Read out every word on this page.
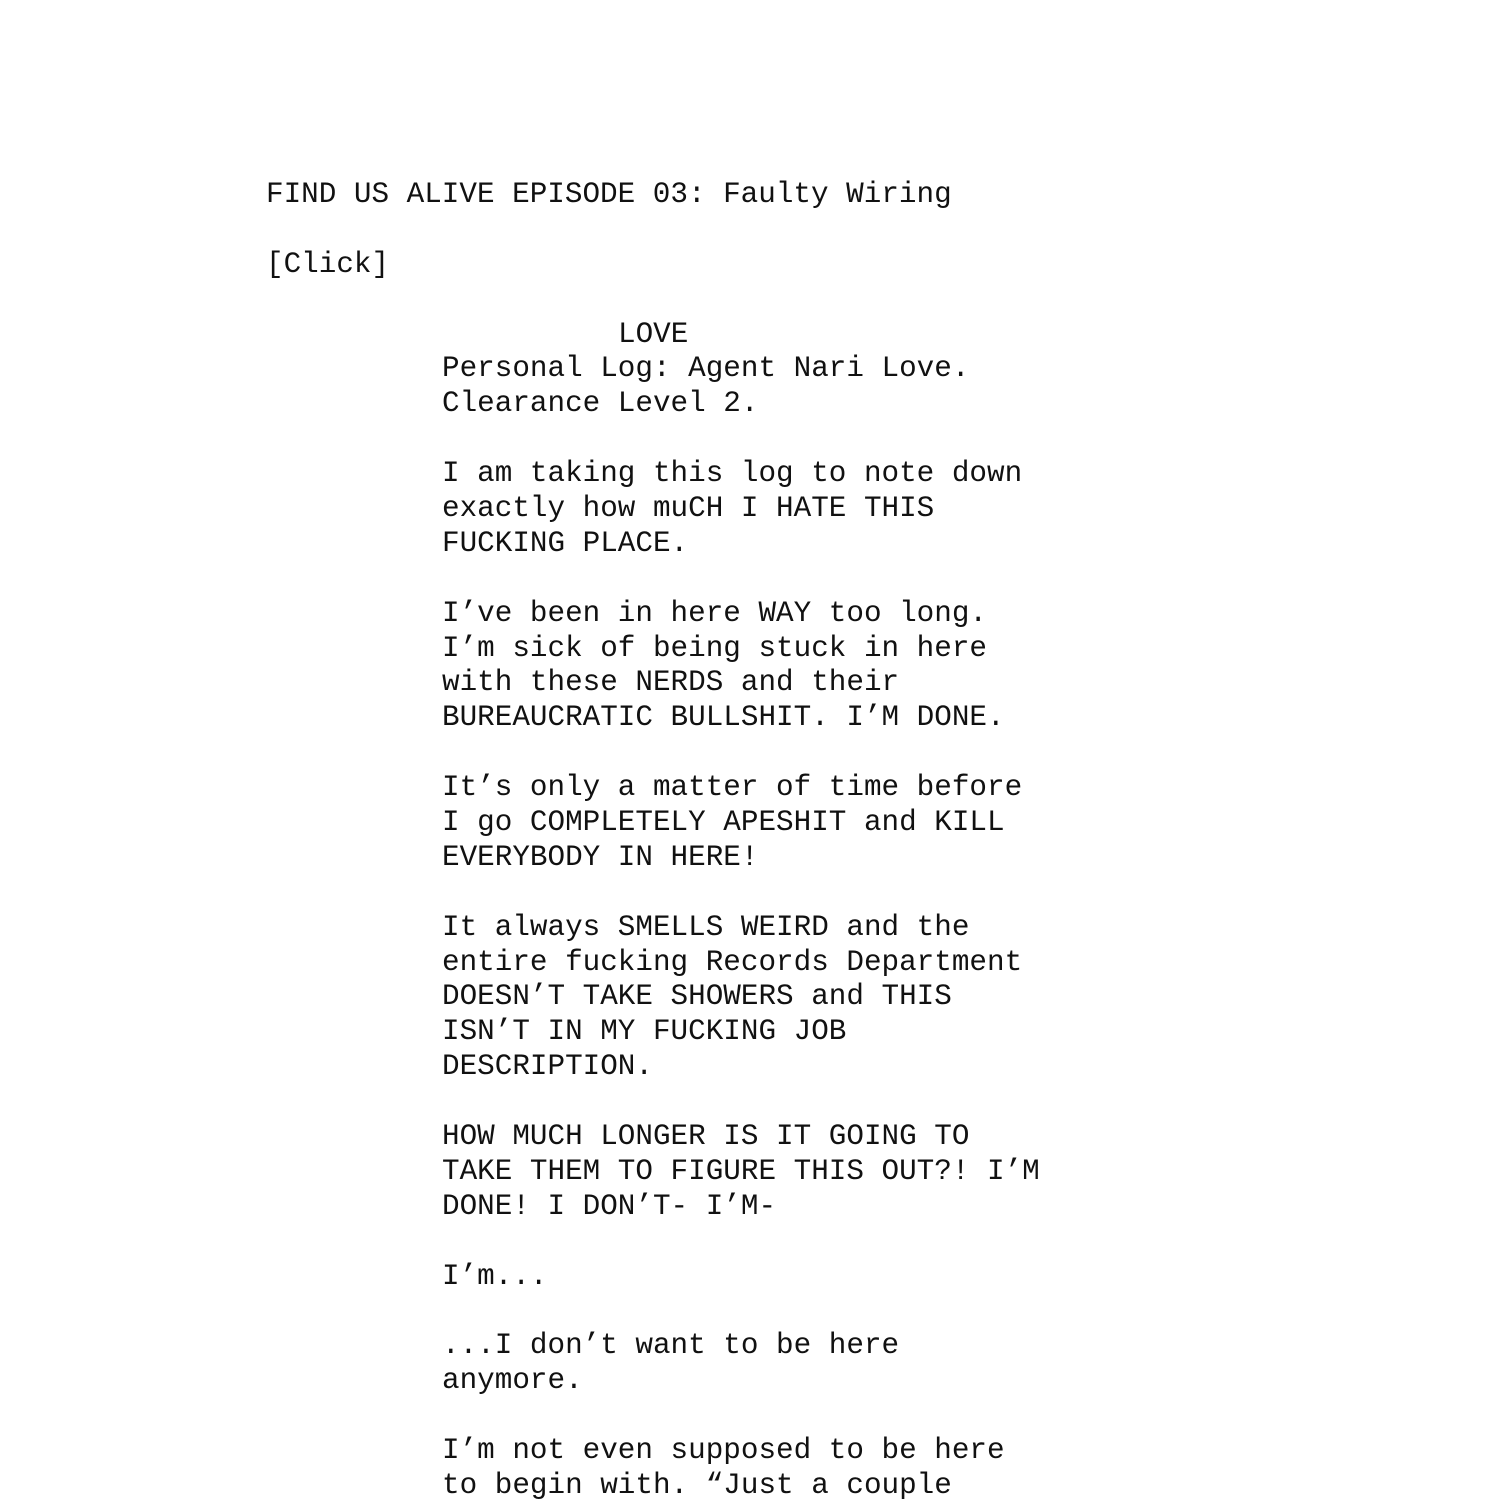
FIND US ALIVE EPISODE 03: Faulty Wiring
[Click]
LOVE
Personal Log: Agent Nari Love.
Clearance Level 2.
I am taking this log to note down
exactly how muCH I HATE THIS
FUCKING PLACE.
I’ve been in here WAY too long.
I’m sick of being stuck in here
with these NERDS and their
BUREAUCRATIC BULLSHIT. I’M DONE.
It’s only a matter of time before
I go COMPLETELY APESHIT and KILL
EVERYBODY IN HERE!
It always SMELLS WEIRD and the
entire fucking Records Department
DOESN’T TAKE SHOWERS and THIS
ISN’T IN MY FUCKING JOB
DESCRIPTION.
HOW MUCH LONGER IS IT GOING TO
TAKE THEM TO FIGURE THIS OUT?! I’M
DONE! I DON’T- I’M-
I’m...
...I don’t want to be here
anymore.
I’m not even supposed to be here
to begin with. “Just a couple
